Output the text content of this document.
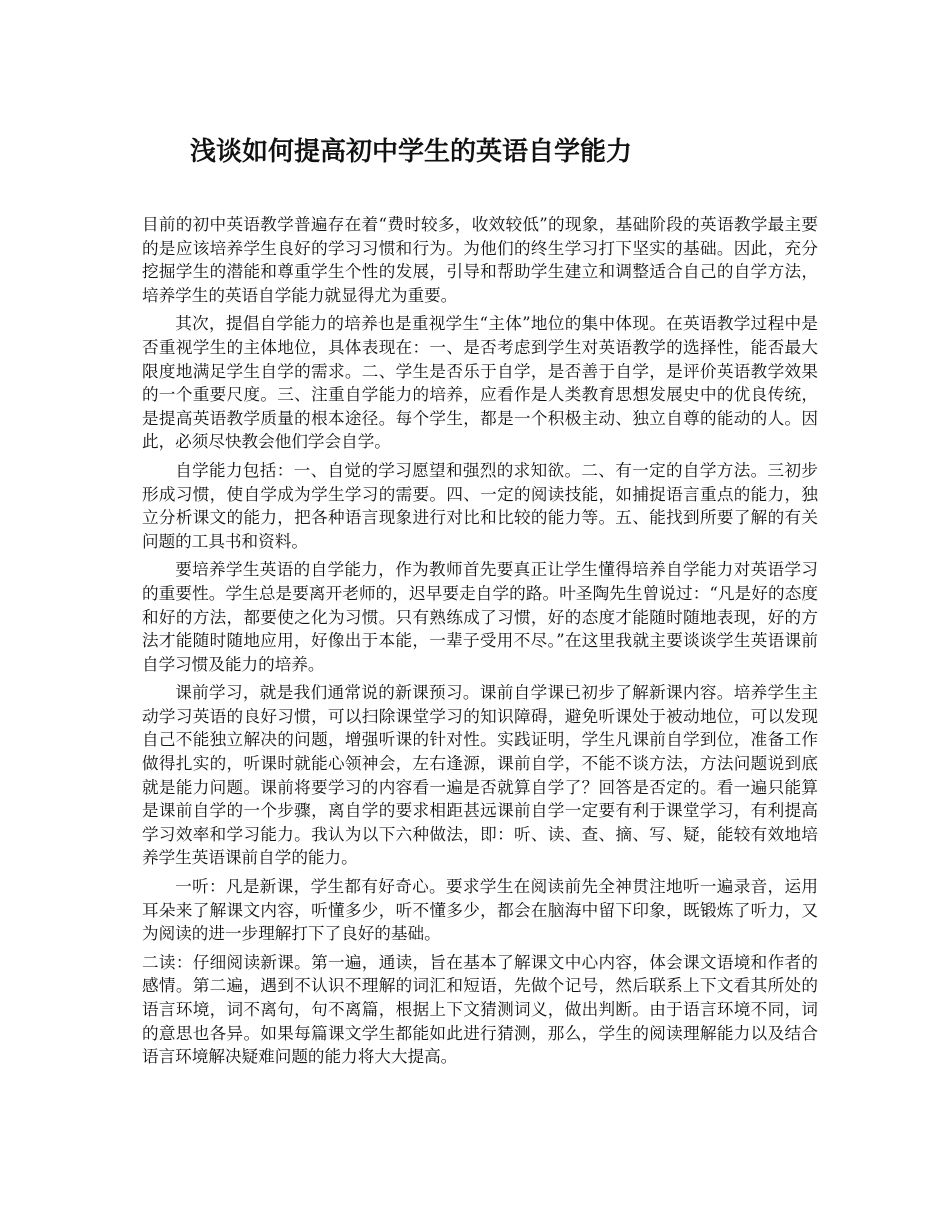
浅谈如何提高初中学生的英语自学能力

目前的初中英语教学普遍存在着“费时较多，收效较低”的现象，基础阶段的英语教学最主要的是应该培养学生良好的学习习惯和行为。为他们的终生学习打下坚实的基础。因此，充分挖掘学生的潜能和尊重学生个性的发展，引导和帮助学生建立和调整适合自己的自学方法，培养学生的英语自学能力就显得尤为重要。

其次，提倡自学能力的培养也是重视学生“主体”地位的集中体现。在英语教学过程中是否重视学生的主体地位，具体表现在：一、是否考虑到学生对英语教学的选择性，能否最大限度地满足学生自学的需求。二、学生是否乐于自学，是否善于自学，是评价英语教学效果的一个重要尺度。三、注重自学能力的培养，应看作是人类教育思想发展史中的优良传统，是提高英语教学质量的根本途径。每个学生，都是一个积极主动、独立自尊的能动的人。因此，必须尽快教会他们学会自学。

自学能力包括：一、自觉的学习愿望和强烈的求知欲。二、有一定的自学方法。三初步形成习惯，使自学成为学生学习的需要。四、一定的阅读技能，如捕捉语言重点的能力，独立分析课文的能力，把各种语言现象进行对比和比较的能力等。五、能找到所要了解的有关问题的工具书和资料。

要培养学生英语的自学能力，作为教师首先要真正让学生懂得培养自学能力对英语学习的重要性。学生总是要离开老师的，迟早要走自学的路。叶圣陶先生曾说过：“凡是好的态度和好的方法，都要使之化为习惯。只有熟练成了习惯，好的态度才能随时随地表现，好的方法才能随时随地应用，好像出于本能，一辈子受用不尽。”在这里我就主要谈谈学生英语课前自学习惯及能力的培养。

课前学习，就是我们通常说的新课预习。课前自学课已初步了解新课内容。培养学生主动学习英语的良好习惯，可以扫除课堂学习的知识障碍，避免听课处于被动地位，可以发现自己不能独立解决的问题，增强听课的针对性。实践证明，学生凡课前自学到位，准备工作做得扎实的，听课时就能心领神会，左右逢源，课前自学，不能不谈方法，方法问题说到底就是能力问题。课前将要学习的内容看一遍是否就算自学了？回答是否定的。看一遍只能算是课前自学的一个步骤，离自学的要求相距甚远课前自学一定要有利于课堂学习，有利提高学习效率和学习能力。我认为以下六种做法，即：听、读、查、摘、写、疑，能较有效地培养学生英语课前自学的能力。

一听：凡是新课，学生都有好奇心。要求学生在阅读前先全神贯注地听一遍录音，运用耳朵来了解课文内容，听懂多少，听不懂多少，都会在脑海中留下印象，既锻炼了听力，又为阅读的进一步理解打下了良好的基础。

二读：仔细阅读新课。第一遍，通读，旨在基本了解课文中心内容，体会课文语境和作者的感情。第二遍，遇到不认识不理解的词汇和短语，先做个记号，然后联系上下文看其所处的语言环境，词不离句，句不离篇，根据上下文猜测词义，做出判断。由于语言环境不同，词的意思也各异。如果每篇课文学生都能如此进行猜测，那么，学生的阅读理解能力以及结合语言环境解决疑难问题的能力将大大提高。
